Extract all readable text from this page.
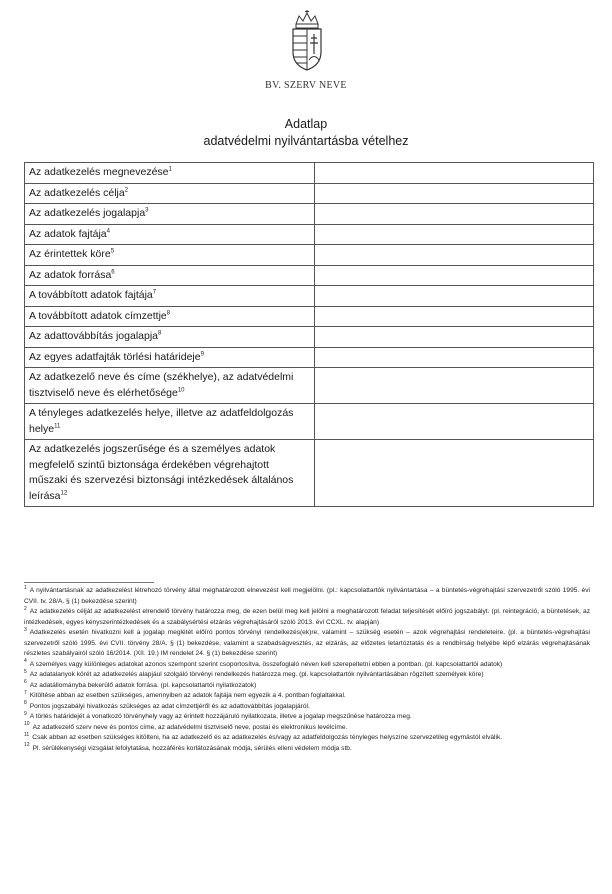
BV. SZERV NEVE
Adatlap
adatvédelmi nyilvántartásba vételhez
Az adatkezelés megnevezése$^1$	
Az adatkezelés célja$^2$	
Az adatkezelés jogalapja$^3$	
Az adatok fajtája$^4$	
Az érintettek köre$^5$	
Az adatok forrása$^6$	
A továbbított adatok fajtája$^7$	
A továbbított adatok címzettje$^8$	
Az adattovábbítás jogalapja$^8$	
Az egyes adatfajták törlési határideje$^9$	
Az adatkezelő neve és címe (székhelye), az adatvédelmi tisztviselő neve és elérhetősége$^{10}$	
A tényleges adatkezelés helye, illetve az adatfeldolgozás helye$^{11}$	
Az adatkezelés jogszerűsége és a személyes adatok megfelelő szintű biztonsága érdekében végrehajtott műszaki és szervezési biztonsági intézkedések általános leírása$^{12}$	

$^1$ A nyilvántartásnak az adatkezelést létrehozó törvény által meghatározott elnevezést kell megjelölni. (pl.: kapcsolattartók nyilvántartása – a büntetés-végrehajtási szervezetről szóló 1995. évi CVII. tv. 28/A. § (1) bekezdése szerint)

$^2$ Az adatkezelés célját az adatkezelést elrendelő törvény határozza meg, de ezen belül meg kell jelölni a meghatározott feladat teljesítését előíró jogszabályt. (pl. reintegráció, a büntetések, az intézkedések, egyes kényszerintézkedések és a szabálysértési elzárás végrehajtásáról szóló 2013. évi CCXL. tv. alapján)

$^3$ Adatkezelés esetén hivatkozni kell a jogalap meglétét előíró pontos törvényi rendelkezés(ek)re, valamint – szükség esetén – azok végrehajtási rendeleteire. (pl. a büntetés-végrehajtási szervezetről szóló 1995. évi CVII. törvény 28/A. § (1) bekezdése, valamint a szabadságvesztés, az elzárás, az előzetes letartóztatás és a rendbírság helyébe lépő elzárás végrehajtásának részletes szabályairól szóló 16/2014. (XII. 19.) IM rendelet 24. § (1) bekezdése szerint)

$^4$ A személyes vagy különleges adatokat azonos szempont szerint csoportosítva, összefoglaló néven kell szerepeltetni ebben a pontban. (pl. kapcsolattartói adatok)

$^5$ Az adatalanyok körét az adatkezelés alapjául szolgáló törvényi rendelkezés határozza meg. (pl. kapcsolattartók nyilvántartásában rögzített személyek köre)

$^6$ Az adatállományba bekerülő adatok forrása. (pl. kapcsolattartói nyilatkozatok)

$^7$ Kitöltése abban az esetben szükséges, amennyiben az adatok fajtája nem egyezik a 4. pontban foglaltakkal.

$^8$ Pontos jogszabályi hivatkozás szükséges az adat címzettjéről és az adattovábbítás jogalapjáról.

$^9$ A törlés határidejét a vonatkozó törvényhely vagy az érintett hozzájáruló nyilatkozata, illetve a jogalap megszűnése határozza meg.

$^{10}$ Az adatkezelő szerv neve és pontos címe, az adatvédelmi tisztviselő neve, postai és elektronikus levélcíme.

$^{11}$ Csak abban az esetben szükséges kitölteni, ha az adatkezelő és az adatkezelés és/vagy az adatfeldolgozás tényleges helyszíne szervezetileg egymástól elválik.

$^{12}$ Pl. sérülékenységi vizsgálat lefolytatása, hozzáférés korlátozásának módja, sérülés elleni védelem módja stb.
